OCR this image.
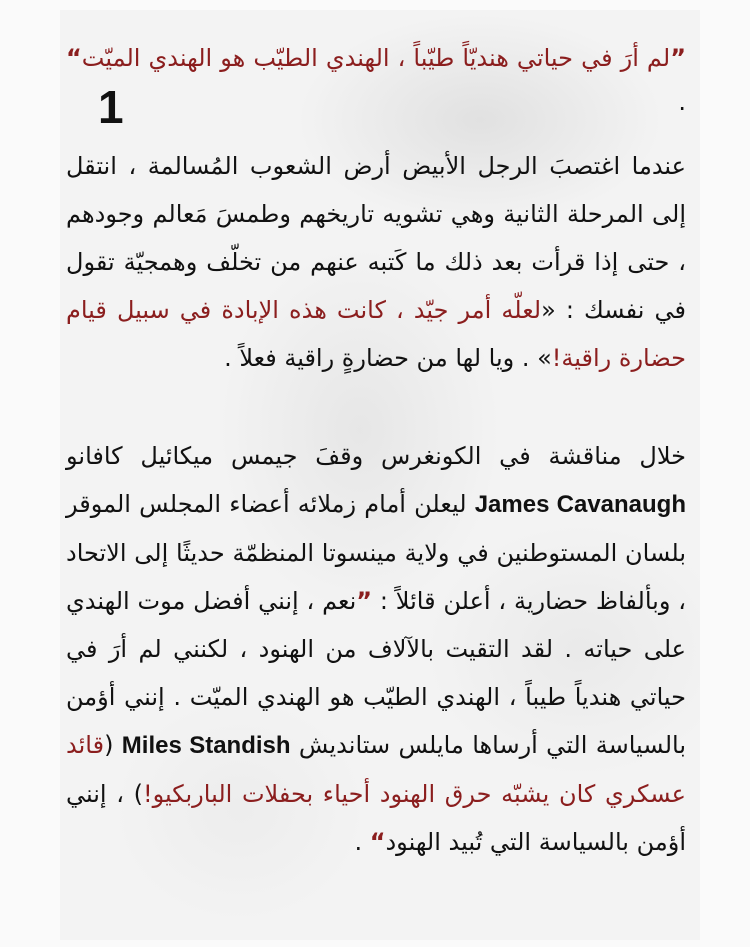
”لم أرَ في حياتي هنديّاً طيّباً ، الهندي الطيّب هو الهندي الميّت“ .
1
عندما اغتصبَ الرجل الأبيض أرض الشعوب المُسالمة ، انتقل إلى المرحلة الثانية وهي تشويه تاريخهم وطمسَ مَعالم وجودهم ، حتى إذا قرأت بعد ذلك ما كَتبه عنهم من تخلّف وهمجيّة تقول في نفسك : «لعلّه أمر جيّد ، كانت هذه الإبادة في سبيل قيام حضارة راقية!» . ويا لها من حضارةٍ راقية فعلاً .
خلال مناقشة في الكونغرس وقفَ جيمس ميكائيل كافانو James Cavanaugh ليعلن أمام زملائه أعضاء المجلس الموقر بلسان المستوطنين في ولاية مينسوتا المنظمّة حديثًا إلى الاتحاد ، وبألفاظ حضارية ، أعلن قائلاً : ”نعم ، إنني أفضل موت الهندي على حياته . لقد التقيت بالآلاف من الهنود ، لكنني لم أرَ في حياتي هندياً طيباً ، الهندي الطيّب هو الهندي الميّت . إنني أؤمن بالسياسة التي أرساها مايلس ستانديش Miles Standish (قائد عسكري كان يشبّه حرق الهنود أحياء بحفلات الباربكيو!) ، إنني أؤمن بالسياسة التي تُبيد الهنود“ .
